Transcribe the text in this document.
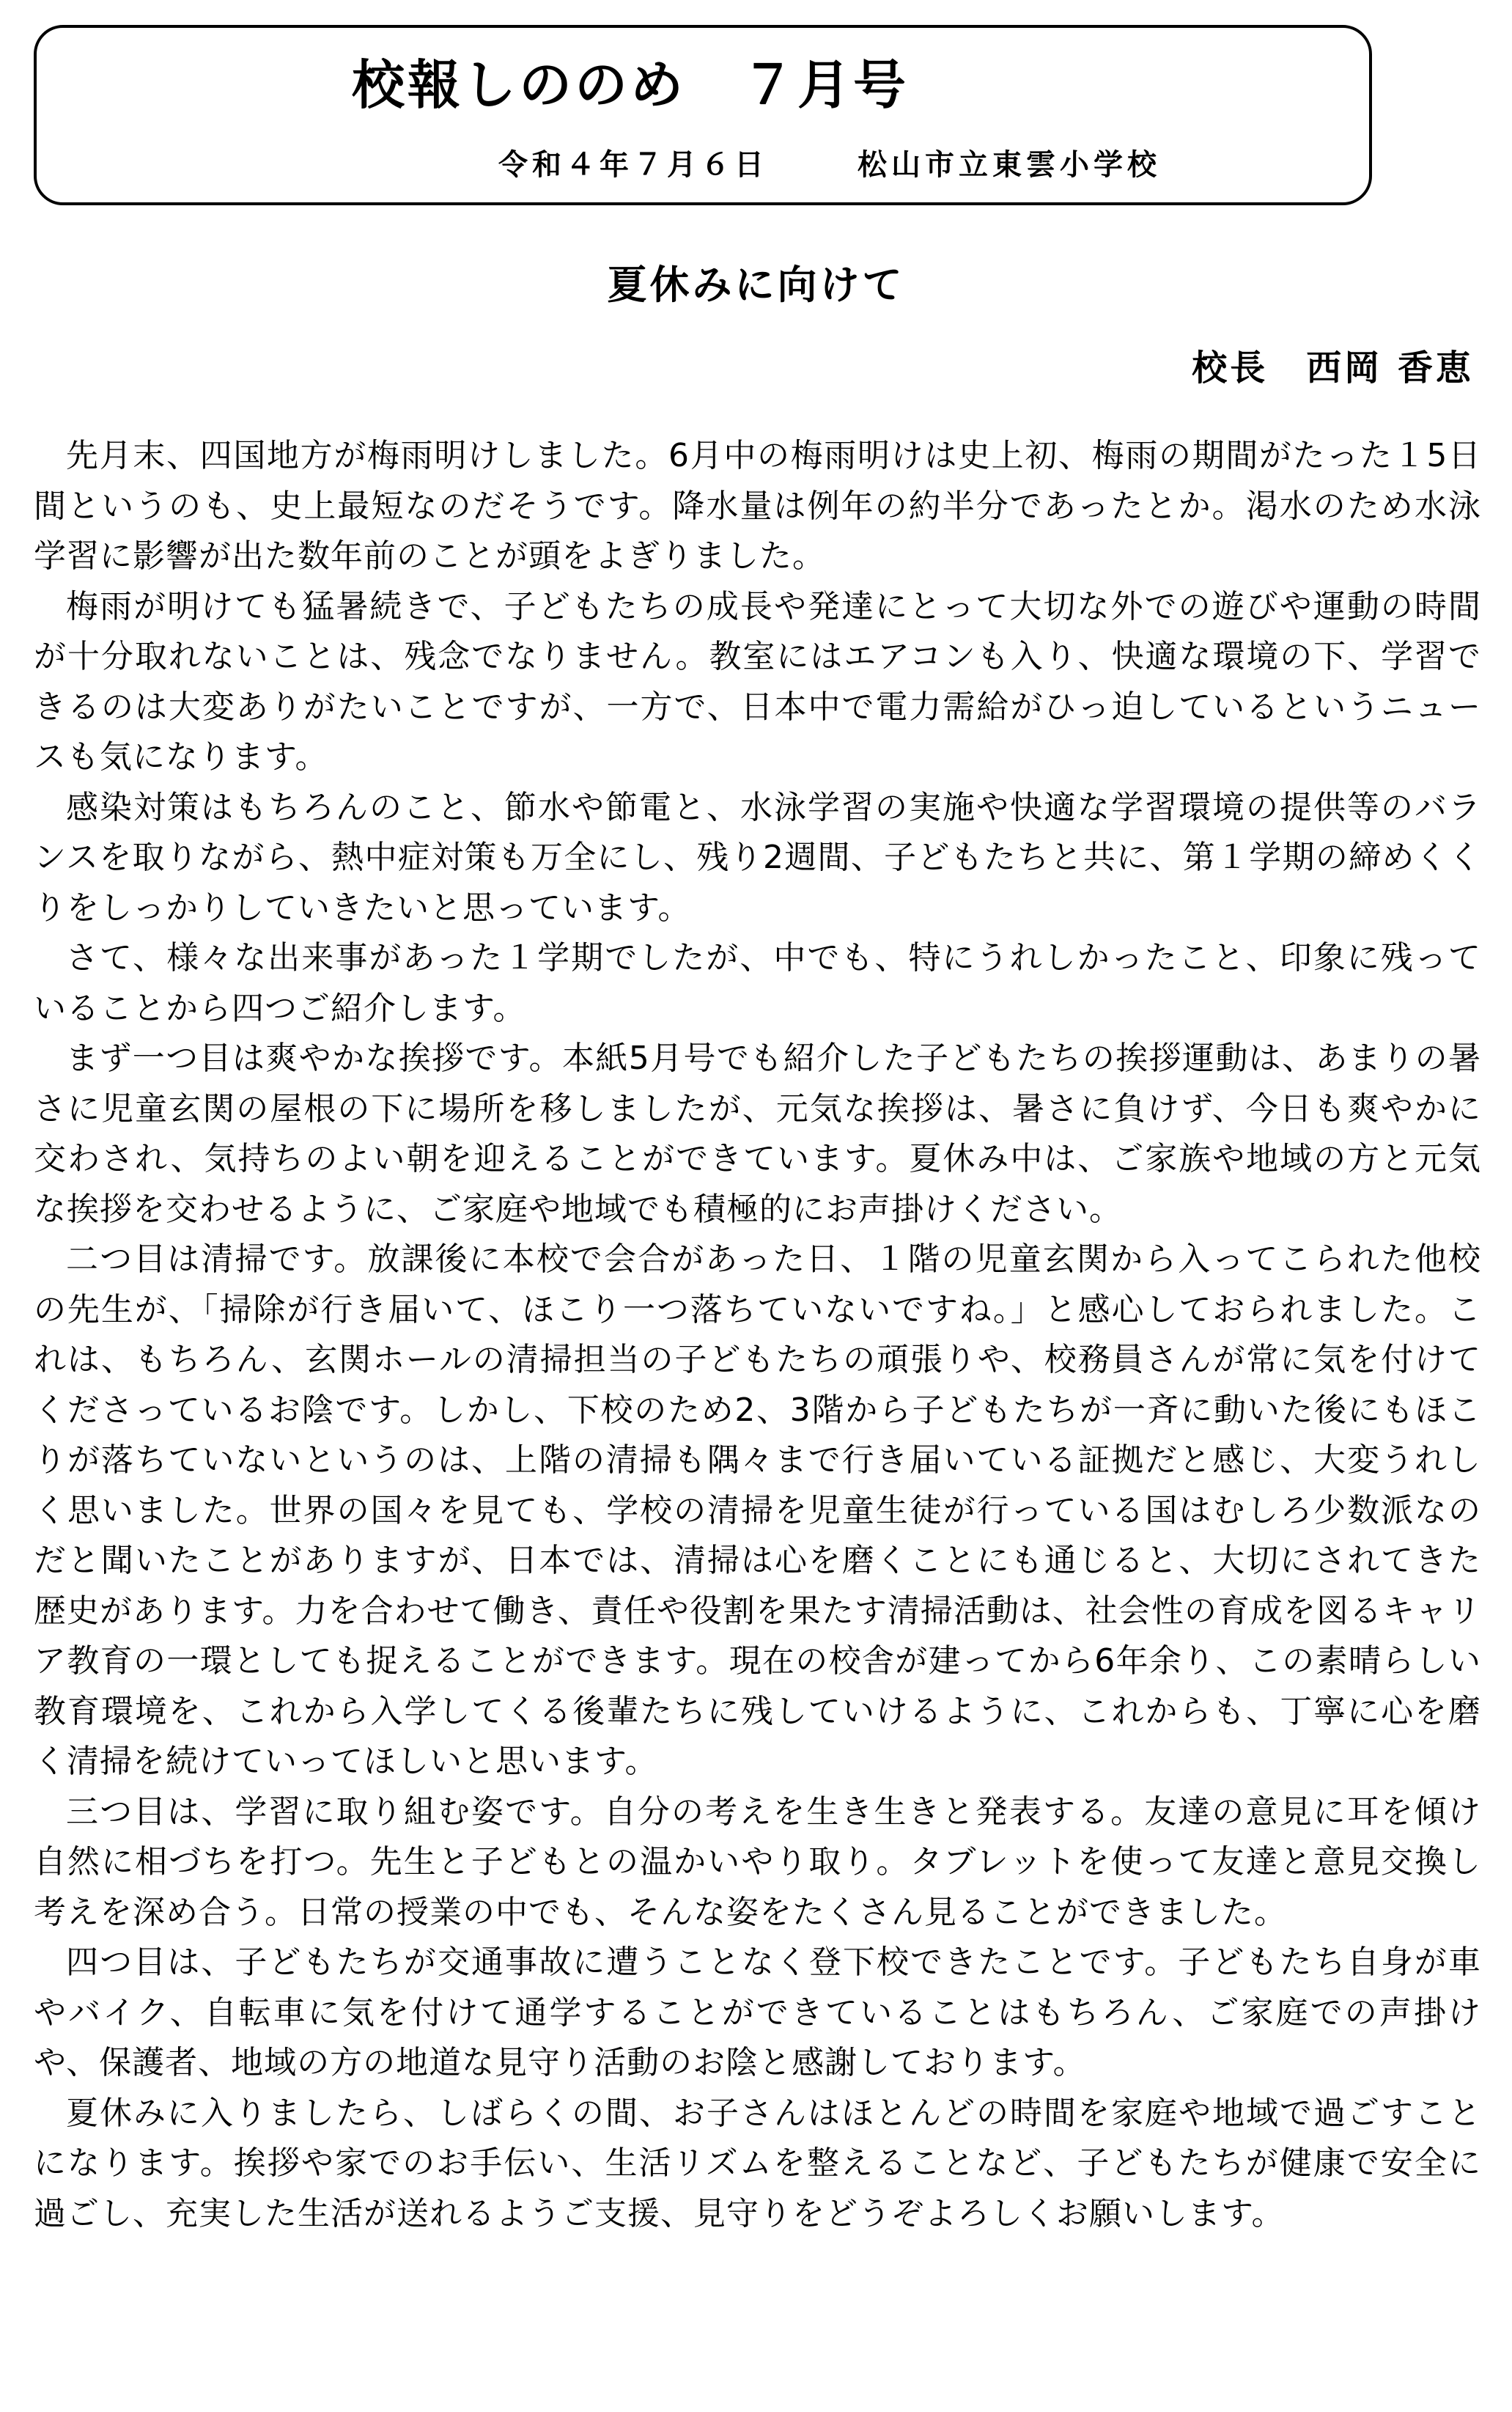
校報しののめ　７月号
令和４年７月６日	松山市立東雲小学校
夏休みに向けて
校長　西岡 香恵

先月末、四国地方が梅雨明けしました。6月中の梅雨明けは史上初、梅雨の期間がたった１5日間というのも、史上最短なのだそうです。降水量は例年の約半分であったとか。渇水のため水泳学習に影響が出た数年前のことが頭をよぎりました。

梅雨が明けても猛暑続きで、子どもたちの成長や発達にとって大切な外での遊びや運動の時間が十分取れないことは、残念でなりません。教室にはエアコンも入り、快適な環境の下、学習できるのは大変ありがたいことですが、一方で、日本中で電力需給がひっ迫しているというニュースも気になります。

感染対策はもちろんのこと、節水や節電と、水泳学習の実施や快適な学習環境の提供等のバランスを取りながら、熱中症対策も万全にし、残り2週間、子どもたちと共に、第１学期の締めくくりをしっかりしていきたいと思っています。

さて、様々な出来事があった１学期でしたが、中でも、特にうれしかったこと、印象に残っていることから四つご紹介します。

まず一つ目は爽やかな挨拶です。本紙5月号でも紹介した子どもたちの挨拶運動は、あまりの暑さに児童玄関の屋根の下に場所を移しましたが、元気な挨拶は、暑さに負けず、今日も爽やかに交わされ、気持ちのよい朝を迎えることができています。夏休み中は、ご家族や地域の方と元気な挨拶を交わせるように、ご家庭や地域でも積極的にお声掛けください。

二つ目は清掃です。放課後に本校で会合があった日、１階の児童玄関から入ってこられた他校の先生が、「掃除が行き届いて、ほこり一つ落ちていないですね。」と感心しておられました。これは、もちろん、玄関ホールの清掃担当の子どもたちの頑張りや、校務員さんが常に気を付けてくださっているお陰です。しかし、下校のため2、3階から子どもたちが一斉に動いた後にもほこりが落ちていないというのは、上階の清掃も隅々まで行き届いている証拠だと感じ、大変うれしく思いました。世界の国々を見ても、学校の清掃を児童生徒が行っている国はむしろ少数派なのだと聞いたことがありますが、日本では、清掃は心を磨くことにも通じると、大切にされてきた歴史があります。力を合わせて働き、責任や役割を果たす清掃活動は、社会性の育成を図るキャリア教育の一環としても捉えることができます。現在の校舎が建ってから6年余り、この素晴らしい教育環境を、これから入学してくる後輩たちに残していけるように、これからも、丁寧に心を磨く清掃を続けていってほしいと思います。

三つ目は、学習に取り組む姿です。自分の考えを生き生きと発表する。友達の意見に耳を傾け自然に相づちを打つ。先生と子どもとの温かいやり取り。タブレットを使って友達と意見交換し考えを深め合う。日常の授業の中でも、そんな姿をたくさん見ることができました。

四つ目は、子どもたちが交通事故に遭うことなく登下校できたことです。子どもたち自身が車やバイク、自転車に気を付けて通学することができていることはもちろん、ご家庭での声掛けや、保護者、地域の方の地道な見守り活動のお陰と感謝しております。

夏休みに入りましたら、しばらくの間、お子さんはほとんどの時間を家庭や地域で過ごすことになります。挨拶や家でのお手伝い、生活リズムを整えることなど、子どもたちが健康で安全に過ごし、充実した生活が送れるようご支援、見守りをどうぞよろしくお願いします。
